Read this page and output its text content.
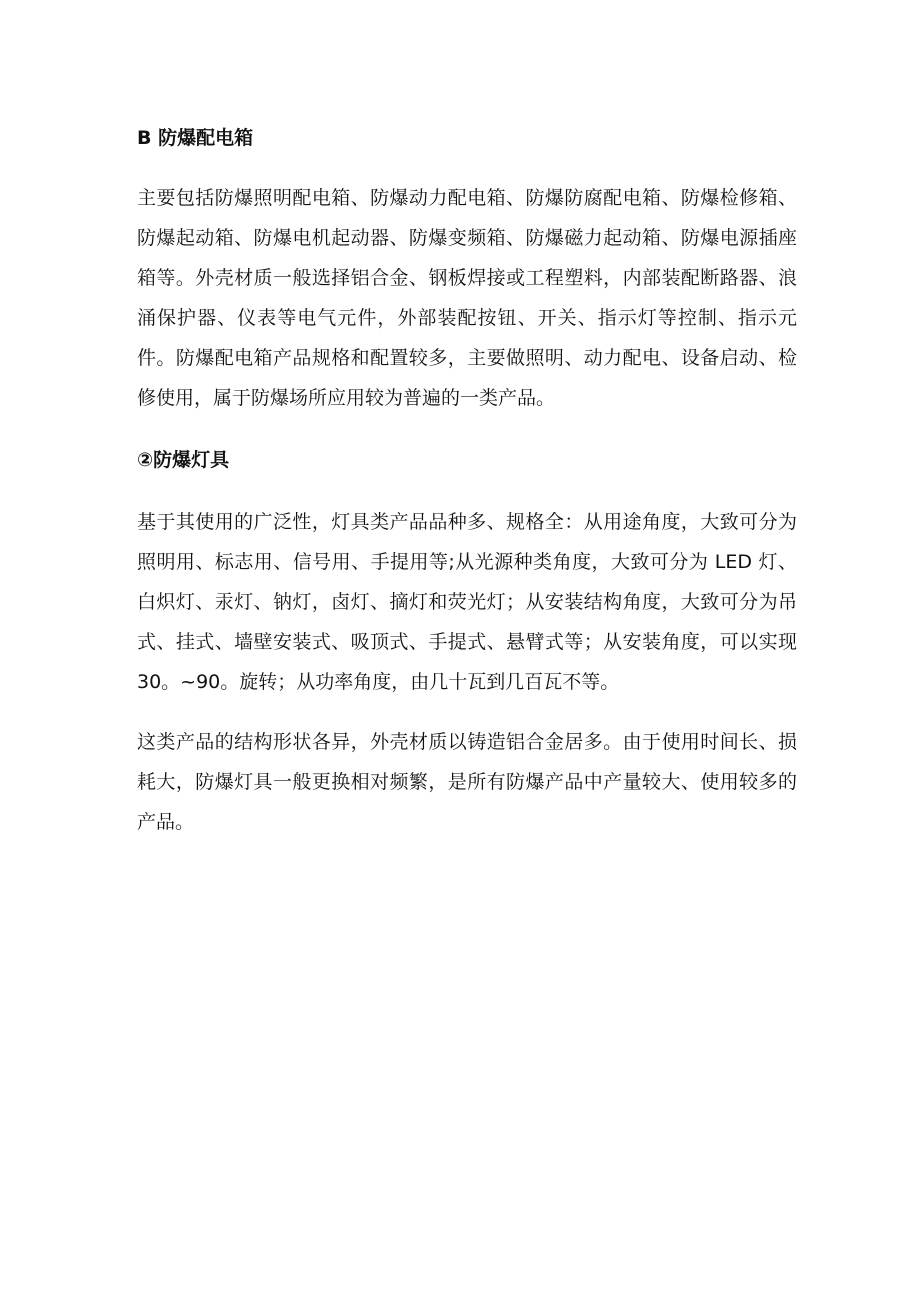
B 防爆配电箱

主要包括防爆照明配电箱、防爆动力配电箱、防爆防腐配电箱、防爆检修箱、防爆起动箱、防爆电机起动器、防爆变频箱、防爆磁力起动箱、防爆电源插座箱等。外壳材质一般选择铝合金、钢板焊接或工程塑料，内部装配断路器、浪涌保护器、仪表等电气元件，外部装配按钮、开关、指示灯等控制、指示元件。防爆配电箱产品规格和配置较多，主要做照明、动力配电、设备启动、检修使用，属于防爆场所应用较为普遍的一类产品。

②防爆灯具

基于其使用的广泛性，灯具类产品品种多、规格全：从用途角度，大致可分为照明用、标志用、信号用、手提用等;从光源种类角度，大致可分为 LED 灯、白炽灯、汞灯、钠灯，卤灯、摘灯和荧光灯；从安装结构角度，大致可分为吊式、挂式、墙壁安装式、吸顶式、手提式、悬臂式等；从安装角度，可以实现 30。~90。旋转；从功率角度，由几十瓦到几百瓦不等。

这类产品的结构形状各异，外壳材质以铸造铝合金居多。由于使用时间长、损耗大，防爆灯具一般更换相对频繁，是所有防爆产品中产量较大、使用较多的产品。
